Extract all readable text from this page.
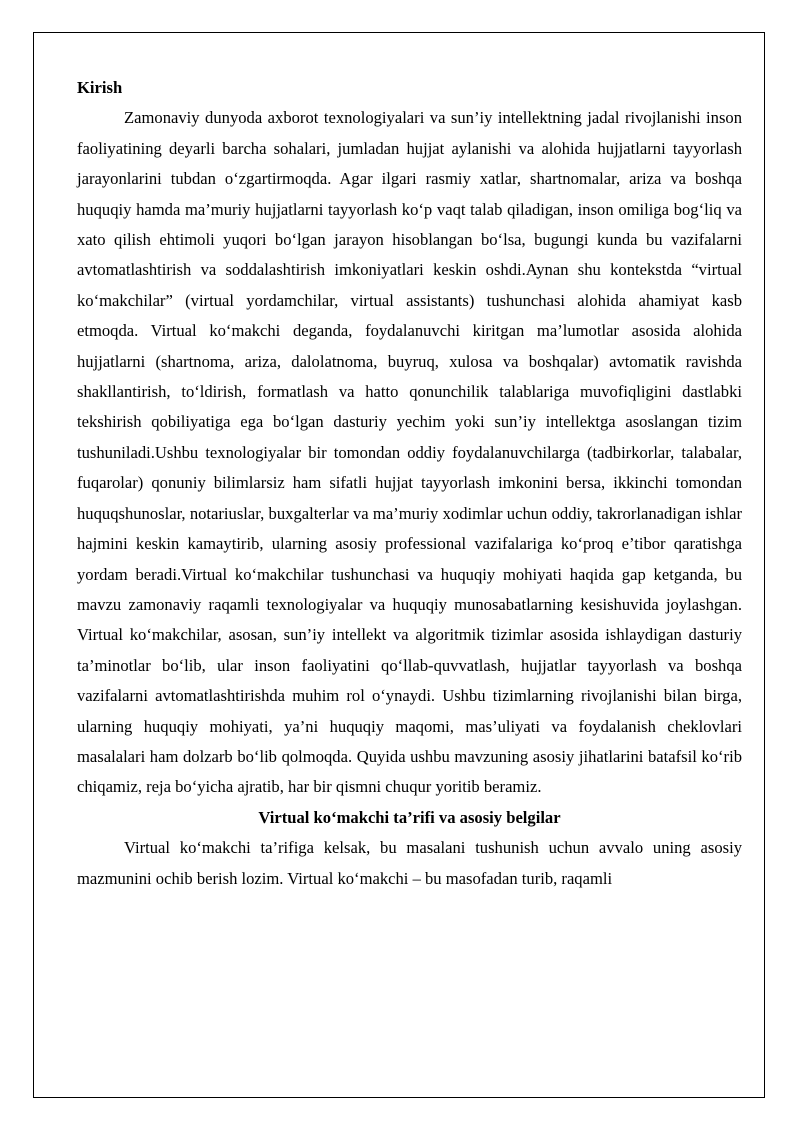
Kirish

Zamonaviy dunyoda axborot texnologiyalari va sun’iy intellektning jadal rivojlanishi inson faoliyatining deyarli barcha sohalari, jumladan hujjat aylanishi va alohida hujjatlarni tayyorlash jarayonlarini tubdan o‘zgartirmoqda. Agar ilgari rasmiy xatlar, shartnomalar, ariza va boshqa huquqiy hamda ma’muriy hujjatlarni tayyorlash ko‘p vaqt talab qiladigan, inson omiliga bog‘liq va xato qilish ehtimoli yuqori bo‘lgan jarayon hisoblangan bo‘lsa, bugungi kunda bu vazifalarni avtomatlashtirish va soddalashtirish imkoniyatlari keskin oshdi.Aynan shu kontekstda “virtual ko‘makchilar” (virtual yordamchilar, virtual assistants) tushunchasi alohida ahamiyat kasb etmoqda. Virtual ko‘makchi deganda, foydalanuvchi kiritgan ma’lumotlar asosida alohida hujjatlarni (shartnoma, ariza, dalolatnoma, buyruq, xulosa va boshqalar) avtomatik ravishda shakllantirish, to‘ldirish, formatlash va hatto qonunchilik talablariga muvofiqligini dastlabki tekshirish qobiliyatiga ega bo‘lgan dasturiy yechim yoki sun’iy intellektga asoslangan tizim tushuniladi.Ushbu texnologiyalar bir tomondan oddiy foydalanuvchilarga (tadbirkorlar, talabalar, fuqarolar) qonuniy bilimlarsiz ham sifatli hujjat tayyorlash imkonini bersa, ikkinchi tomondan huquqshunoslar, notariuslar, buxgalterlar va ma’muriy xodimlar uchun oddiy, takrorlanadigan ishlar hajmini keskin kamaytirib, ularning asosiy professional vazifalariga ko‘proq e’tibor qaratishga yordam beradi.Virtual ko‘makchilar tushunchasi va huquqiy mohiyati haqida gap ketganda, bu mavzu zamonaviy raqamli texnologiyalar va huquqiy munosabatlarning kesishuvida joylashgan. Virtual ko‘makchilar, asosan, sun’iy intellekt va algoritmik tizimlar asosida ishlaydigan dasturiy ta’minotlar bo‘lib, ular inson faoliyatini qo‘llab-quvvatlash, hujjatlar tayyorlash va boshqa vazifalarni avtomatlashtirishda muhim rol o‘ynaydi. Ushbu tizimlarning rivojlanishi bilan birga, ularning huquqiy mohiyati, ya’ni huquqiy maqomi, mas’uliyati va foydalanish cheklovlari masalalari ham dolzarb bo‘lib qolmoqda. Quyida ushbu mavzuning asosiy jihatlarini batafsil ko‘rib chiqamiz, reja bo‘yicha ajratib, har bir qismni chuqur yoritib beramiz.

Virtual ko‘makchi ta’rifi va asosiy belgilar

Virtual ko‘makchi ta’rifiga kelsak, bu masalani tushunish uchun avvalo uning asosiy mazmunini ochib berish lozim. Virtual ko‘makchi – bu masofadan turib, raqamli
